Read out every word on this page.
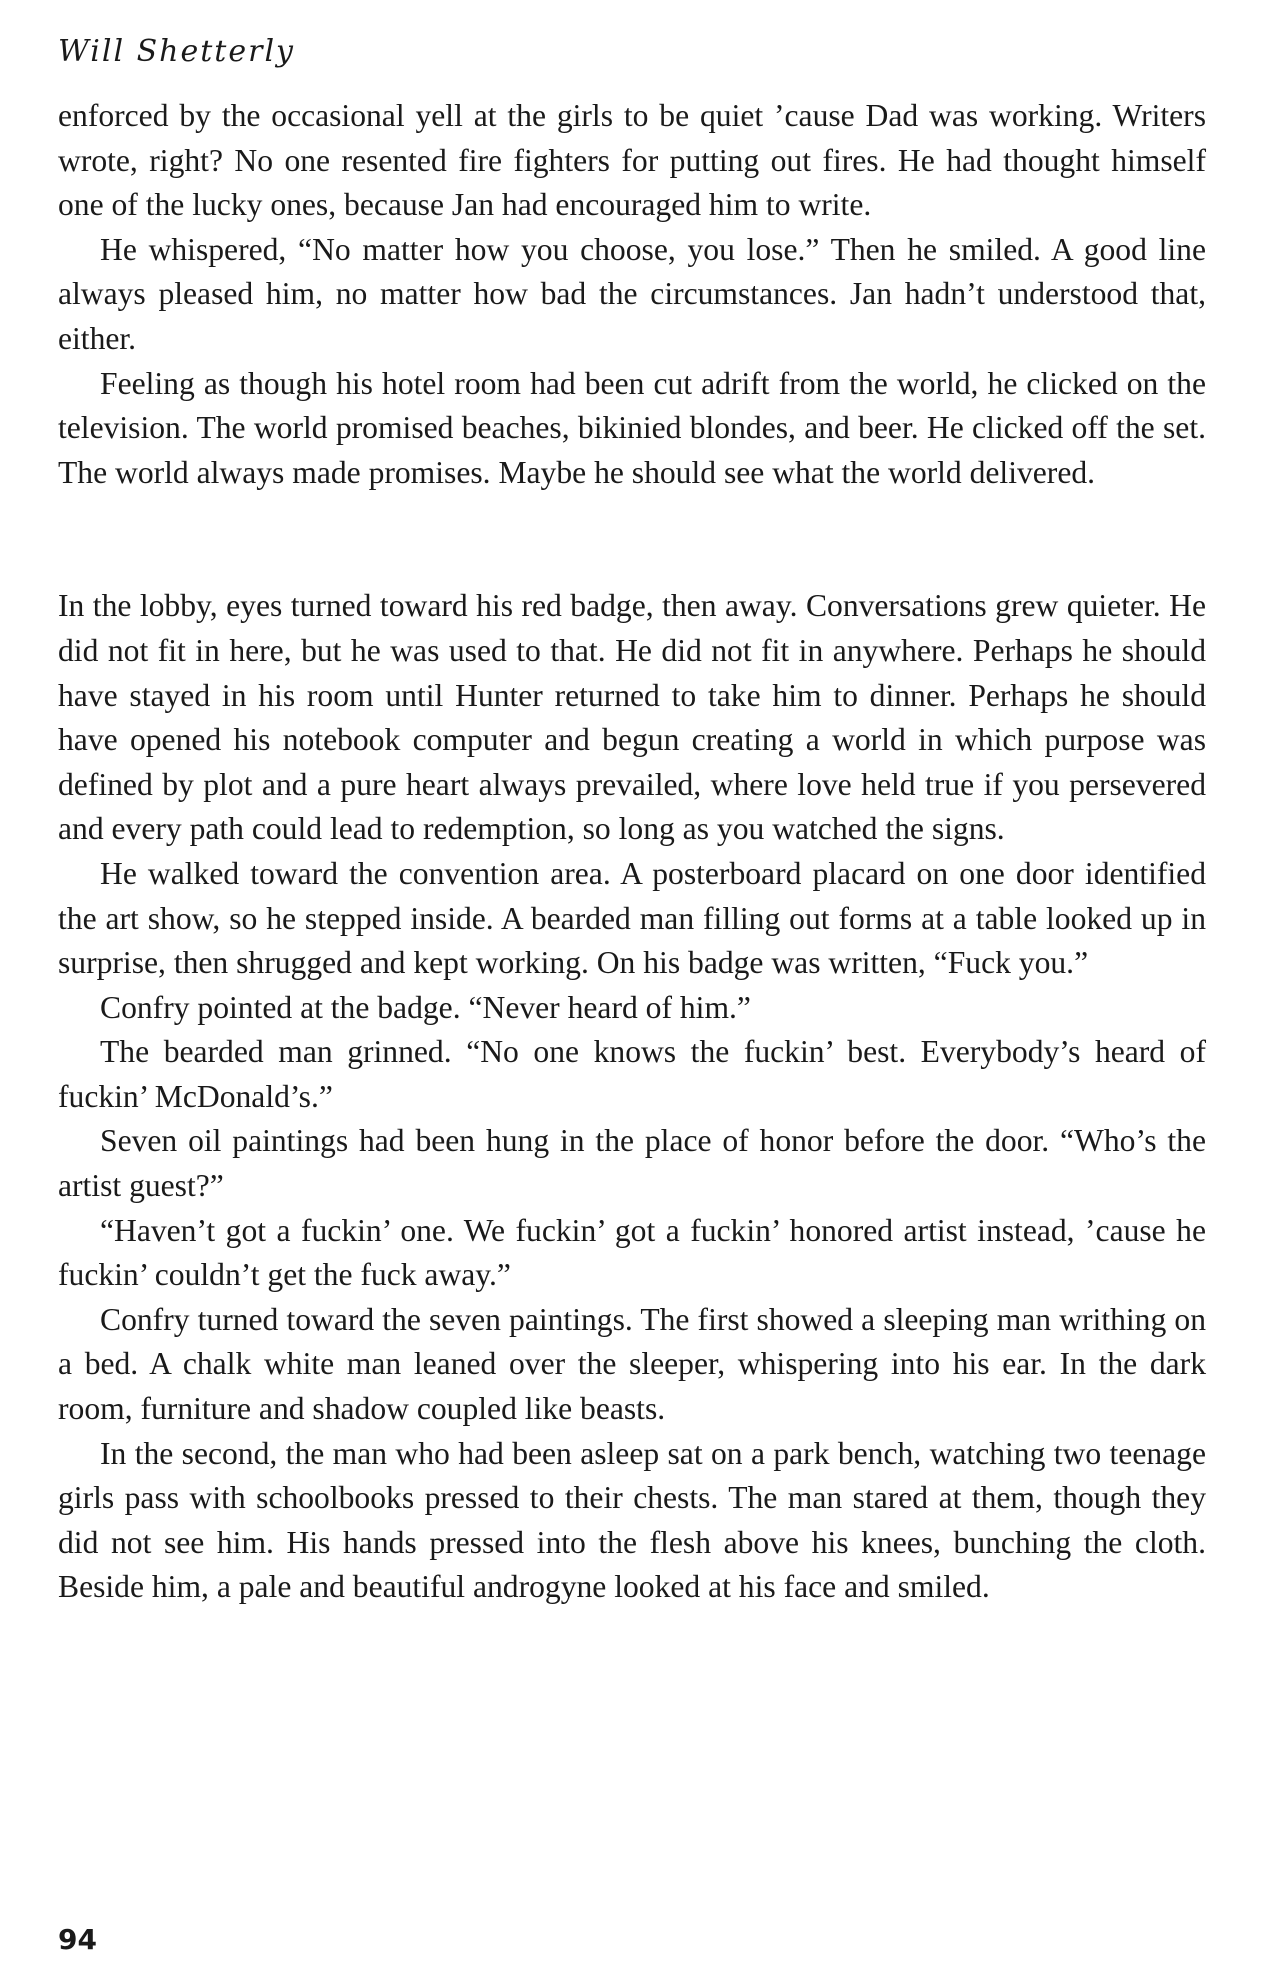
Will Shetterly

enforced by the occasional yell at the girls to be quiet ’cause Dad was working. Writers wrote, right? No one resented fire fighters for putting out fires. He had thought himself one of the lucky ones, because Jan had encouraged him to write.

He whispered, “No matter how you choose, you lose.” Then he smiled. A good line always pleased him, no matter how bad the circumstances. Jan hadn’t understood that, either.

Feeling as though his hotel room had been cut adrift from the world, he clicked on the television. The world promised beaches, bikinied blondes, and beer. He clicked off the set. The world always made promises. Maybe he should see what the world delivered.

In the lobby, eyes turned toward his red badge, then away. Conversations grew quieter. He did not fit in here, but he was used to that. He did not fit in anywhere. Perhaps he should have stayed in his room until Hunter returned to take him to dinner. Perhaps he should have opened his notebook computer and begun creating a world in which purpose was defined by plot and a pure heart always prevailed, where love held true if you persevered and every path could lead to redemption, so long as you watched the signs.

He walked toward the convention area. A posterboard placard on one door identified the art show, so he stepped inside. A bearded man filling out forms at a table looked up in surprise, then shrugged and kept working. On his badge was written, “Fuck you.”

Confry pointed at the badge. “Never heard of him.”

The bearded man grinned. “No one knows the fuckin’ best. Everybody’s heard of fuckin’ McDonald’s.”

Seven oil paintings had been hung in the place of honor before the door. “Who’s the artist guest?”

“Haven’t got a fuckin’ one. We fuckin’ got a fuckin’ honored artist instead, ’cause he fuckin’ couldn’t get the fuck away.”

Confry turned toward the seven paintings. The first showed a sleeping man writhing on a bed. A chalk white man leaned over the sleeper, whispering into his ear. In the dark room, furniture and shadow coupled like beasts.

In the second, the man who had been asleep sat on a park bench, watching two teenage girls pass with schoolbooks pressed to their chests. The man stared at them, though they did not see him. His hands pressed into the flesh above his knees, bunching the cloth. Beside him, a pale and beautiful androgyne looked at his face and smiled.

94
